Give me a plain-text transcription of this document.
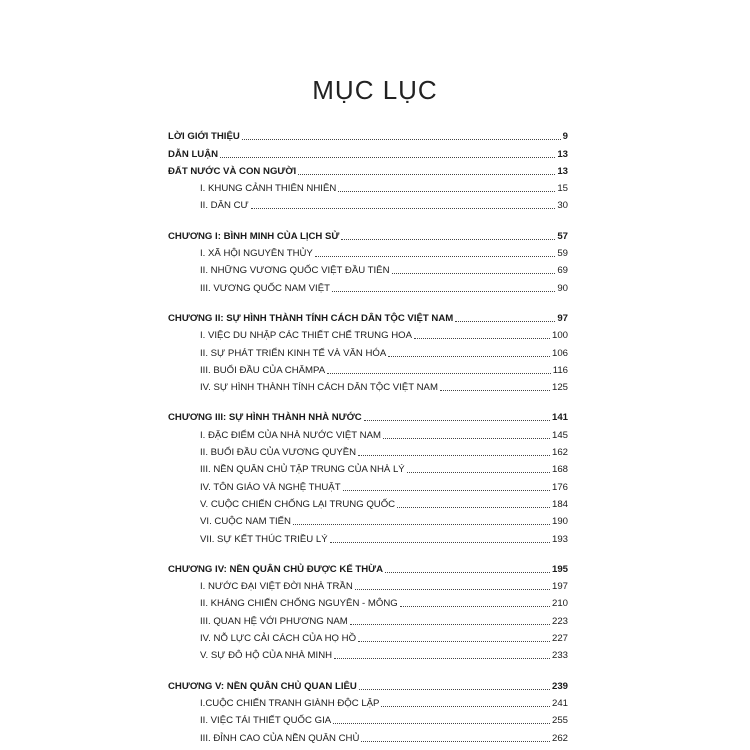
MỤC LỤC
LỜI GIỚI THIỆU	9
DẪN LUẬN	13
ĐẤT NƯỚC VÀ CON NGƯỜI	13
I. KHUNG CẢNH THIÊN NHIÊN	15
II. DÂN CƯ	30
CHƯƠNG I: BÌNH MINH CỦA LỊCH SỬ	57
I. XÃ HỘI NGUYÊN THỦY	59
II. NHỮNG VƯƠNG QUỐC VIỆT ĐẦU TIÊN	69
III. VƯƠNG QUỐC NAM VIỆT	90
CHƯƠNG II: SỰ HÌNH THÀNH TÍNH CÁCH DÂN TỘC VIỆT NAM	97
I. VIỆC DU NHẬP CÁC THIẾT CHẾ TRUNG HOA	100
II. SỰ PHÁT TRIỂN KINH TẾ VÀ VĂN HÓA	106
III. BUỔI ĐẦU CỦA CHĂMPA	116
IV. SỰ HÌNH THÀNH TÍNH CÁCH DÂN TỘC VIỆT NAM	125
CHƯƠNG III: SỰ HÌNH THÀNH NHÀ NƯỚC	141
I. ĐẶC ĐIỂM CỦA NHÀ NƯỚC VIỆT NAM	145
II. BUỔI ĐẦU CỦA VƯƠNG QUYỀN	162
III. NỀN QUÂN CHỦ TẬP TRUNG CỦA NHÀ LÝ	168
IV. TÔN GIÁO VÀ NGHỆ THUẬT	176
V. CUỘC CHIẾN CHỐNG LẠI TRUNG QUỐC	184
VI. CUỘC NAM TIẾN	190
VII. SỰ KẾT THÚC TRIỀU LÝ	193
CHƯƠNG IV: NỀN QUÂN CHỦ ĐƯỢC KẾ THỪA	195
I. NƯỚC ĐẠI VIỆT ĐỜI NHÀ TRẦN	197
II. KHÁNG CHIẾN CHỐNG NGUYÊN - MÔNG	210
III. QUAN HỆ VỚI PHƯƠNG NAM	223
IV. NỖ LỰC CẢI CÁCH CỦA HỌ HỒ	227
V. SỰ ĐÔ HỘ CỦA NHÀ MINH	233
CHƯƠNG V: NỀN QUÂN CHỦ QUAN LIÊU	239
I.CUỘC CHIẾN TRANH GIÀNH ĐỘC LẬP	241
II. VIỆC TÁI THIẾT QUỐC GIA	255
III. ĐỈNH CAO CỦA NỀN QUÂN CHỦ	262
